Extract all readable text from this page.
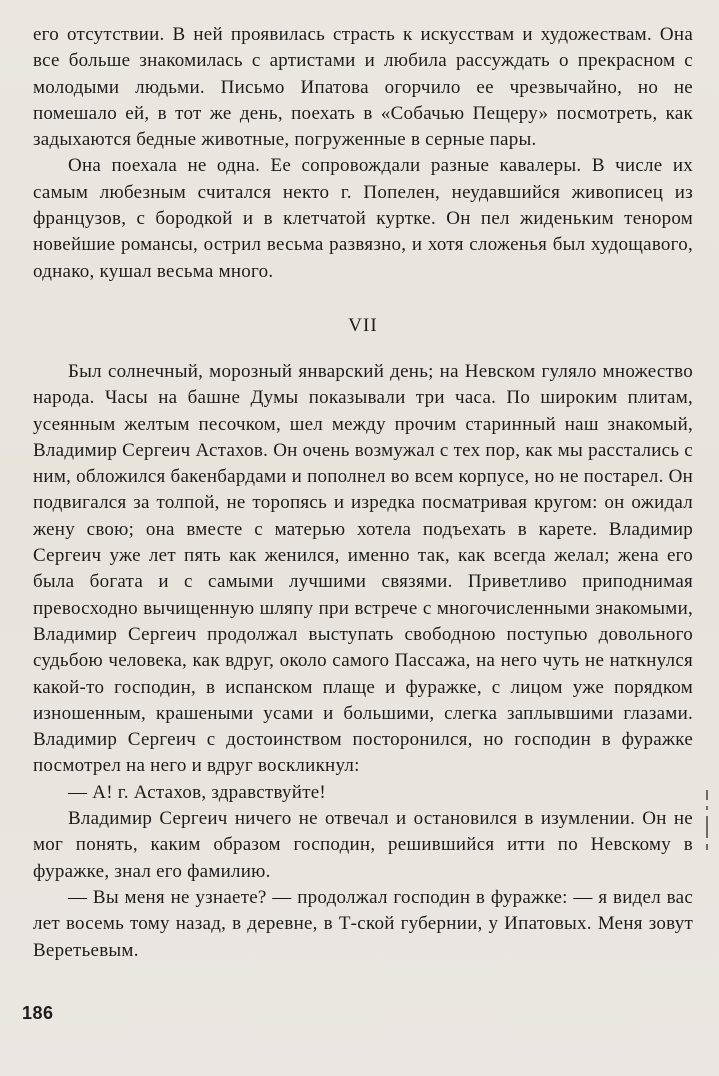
его отсутствии. В ней проявилась страсть к искусствам и художествам. Она все больше знакомилась с артистами и любила рассуждать о прекрасном с молодыми людьми. Письмо Ипатова огорчило ее чрезвычайно, но не помешало ей, в тот же день, поехать в «Собачью Пещеру» посмотреть, как задыхаются бедные животные, погруженные в серные пары.

Она поехала не одна. Ее сопровождали разные кавалеры. В числе их самым любезным считался некто г. Попелен, неудавшийся живописец из французов, с бородкой и в клетчатой куртке. Он пел жиденьким тенором новейшие романсы, острил весьма развязно, и хотя сложенья был худощавого, однако, кушал весьма много.

VII

Был солнечный, морозный январский день; на Невском гуляло множество народа. Часы на башне Думы показывали три часа. По широким плитам, усеянным желтым песочком, шел между прочим старинный наш знакомый, Владимир Сергеич Астахов. Он очень возмужал с тех пор, как мы расстались с ним, обложился бакенбардами и пополнел во всем корпусе, но не постарел. Он подвигался за толпой, не торопясь и изредка посматривая кругом: он ожидал жену свою; она вместе с матерью хотела подъехать в карете. Владимир Сергеич уже лет пять как женился, именно так, как всегда желал; жена его была богата и с самыми лучшими связями. Приветливо приподнимая превосходно вычищенную шляпу при встрече с многочисленными знакомыми, Владимир Сергеич продолжал выступать свободною поступью довольного судьбою человека, как вдруг, около самого Пассажа, на него чуть не наткнулся какой-то господин, в испанском плаще и фуражке, с лицом уже порядком изношенным, крашеными усами и большими, слегка заплывшими глазами. Владимир Сергеич с достоинством посторонился, но господин в фуражке посмотрел на него и вдруг воскликнул:

— А! г. Астахов, здравствуйте!

Владимир Сергеич ничего не отвечал и остановился в изумлении. Он не мог понять, каким образом господин, решившийся итти по Невскому в фуражке, знал его фамилию.

— Вы меня не узнаете? — продолжал господин в фуражке: — я видел вас лет восемь тому назад, в деревне, в Т-ской губернии, у Ипатовых. Меня зовут Веретьевым.

186
